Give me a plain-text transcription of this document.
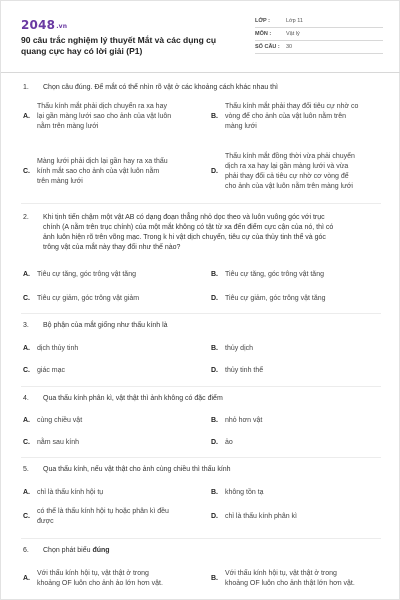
2048.vn
90 câu trắc nghiệm lý thuyết Mắt và các dụng cụ quang cực hay có lời giải (P1)
LỚP :	Lớp 11
MÔN :	Vật lý
SỐ CÂU :	30
1. Chọn câu đúng. Để mắt có thể nhìn rõ vật ở các khoảng cách khác nhau thì
A.
Thấu kính mắt phải dịch chuyển ra xa hay
lại gần màng lưới sao cho ảnh của vật luôn
nằm trên màng lưới
B.
Thấu kính mắt phải thay đổi tiêu cự nhờ co
vòng để cho ảnh của vật luôn nằm trên
màng lưới
C.
Màng lưới phải dịch lại gần hay ra xa thấu
kính mắt sao cho ảnh của vật luôn nằm
trên màng lưới
D.
Thấu kính mắt đồng thời vừa phải chuyển
dịch ra xa hay lại gần màng lưới và vừa
phải thay đổi cả tiêu cự nhờ cơ vòng để
cho ảnh của vật luôn nằm trên màng lưới
2. Khi tịnh tiến chậm một vật AB có dạng đoạn thẳng nhỏ dọc theo và luôn vuông góc với trục
chính (A nằm trên trục chính) của một mắt không có tật từ xa đến điểm cực cận của nó, thì có
ảnh luôn hiện rõ trên võng mạc. Trong k hi vật dịch chuyển, tiêu cự của thủy tinh thể và góc
trông vật của mắt này thay đổi như thế nào?
A. Tiêu cự tăng, góc trông vật tăng	B. Tiêu cự tăng, góc trông vật tăng
C. Tiêu cự giảm, góc trông vật giảm	D. Tiêu cự giảm, góc trông vật tăng
3. Bộ phận của mắt giống như thấu kính là
A. dịch thủy tinh	B. thủy dịch
C. giác mạc	D. thủy tinh thể
4. Qua thấu kính phân kì, vật thật thì ảnh không có đặc điểm
A. cùng chiều vật	B. nhỏ hơn vật
C. nằm sau kính	D. ảo
5. Qua thấu kính, nếu vật thật cho ảnh cùng chiều thì thấu kính
A. chỉ là thấu kính hội tụ	B. không tồn tạ
C.
có thể là thấu kính hội tụ hoặc phân kì đều
được
D. chỉ là thấu kính phân kì
6. Chọn phát biểu đúng
A.
Với thấu kính hội tụ, vật thật ở trong
khoảng OF luôn cho ảnh ảo lớn hơn vật.
B.
Với thấu kính hội tụ, vật thật ở trong
khoảng OF luôn cho ảnh thật lớn hơn vật.
